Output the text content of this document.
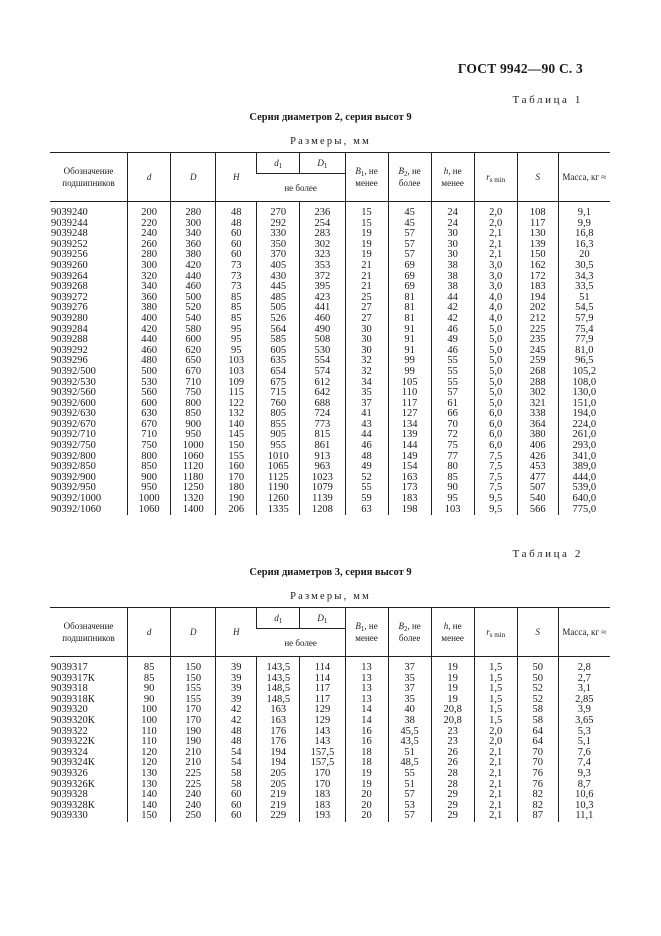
ГОСТ 9942—90 С. 3
Таблица 1
Серия диаметров 2, серия высот 9
Размеры, мм
Обозначение подшипников	d	D	H	$d_1$	$D_1$	$B_1$, не менее	$B_2$, не более	h, не менее	$r_{s min}$	S	Масса, кг ≈
				не более							

9039240	200	280	48	270	236	15	45	24	2,0	108	9,1
9039244	220	300	48	292	254	15	45	24	2,0	117	9,9
9039248	240	340	60	330	283	19	57	30	2,1	130	16,8
9039252	260	360	60	350	302	19	57	30	2,1	139	16,3
9039256	280	380	60	370	323	19	57	30	2,1	150	20
9039260	300	420	73	405	353	21	69	38	3,0	162	30,5
9039264	320	440	73	430	372	21	69	38	3,0	172	34,3
9039268	340	460	73	445	395	21	69	38	3,0	183	33,5
9039272	360	500	85	485	423	25	81	44	4,0	194	51
9039276	380	520	85	505	441	27	81	42	4,0	202	54,5
9039280	400	540	85	526	460	27	81	42	4,0	212	57,9
9039284	420	580	95	564	490	30	91	46	5,0	225	75,4
9039288	440	600	95	585	508	30	91	49	5,0	235	77,9
9039292	460	620	95	605	530	30	91	46	5,0	245	81,0
9039296	480	650	103	635	554	32	99	55	5,0	259	96,5
90392/500	500	670	103	654	574	32	99	55	5,0	268	105,2
90392/530	530	710	109	675	612	34	105	55	5,0	288	108,0
90392/560	560	750	115	715	642	35	110	57	5,0	302	130,0
90392/600	600	800	122	760	688	37	117	61	5,0	321	151,0
90392/630	630	850	132	805	724	41	127	66	6,0	338	194,0
90392/670	670	900	140	855	773	43	134	70	6,0	364	224,0
90392/710	710	950	145	905	815	44	139	72	6,0	380	261,0
90392/750	750	1000	150	955	861	46	144	75	6,0	406	293,0
90392/800	800	1060	155	1010	913	48	149	77	7,5	426	341,0
90392/850	850	1120	160	1065	963	49	154	80	7,5	453	389,0
90392/900	900	1180	170	1125	1023	52	163	85	7,5	477	444,0
90392/950	950	1250	180	1190	1079	55	173	90	7,5	507	539,0
90392/1000	1000	1320	190	1260	1139	59	183	95	9,5	540	640,0
90392/1060	1060	1400	206	1335	1208	63	198	103	9,5	566	775,0
Таблица 2
Серия диаметров 3, серия высот 9
Размеры, мм
Обозначение подшипников	d	D	H	$d_1$	$D_1$	$B_1$, не менее	$B_2$, не более	h, не менее	$r_{s min}$	S	Масса, кг ≈
				не более							

9039317	85	150	39	143,5	114	13	37	19	1,5	50	2,8
9039317К	85	150	39	143,5	114	13	35	19	1,5	50	2,7
9039318	90	155	39	148,5	117	13	37	19	1,5	52	3,1
9039318К	90	155	39	148,5	117	13	35	19	1,5	52	2,85
9039320	100	170	42	163	129	14	40	20,8	1,5	58	3,9
9039320К	100	170	42	163	129	14	38	20,8	1,5	58	3,65
9039322	110	190	48	176	143	16	45,5	23	2,0	64	5,3
9039322К	110	190	48	176	143	16	43,5	23	2,0	64	5,1
9039324	120	210	54	194	157,5	18	51	26	2,1	70	7,6
9039324К	120	210	54	194	157,5	18	48,5	26	2,1	70	7,4
9039326	130	225	58	205	170	19	55	28	2,1	76	9,3
9039326К	130	225	58	205	170	19	51	28	2,1	76	8,7
9039328	140	240	60	219	183	20	57	29	2,1	82	10,6
9039328К	140	240	60	219	183	20	53	29	2,1	82	10,3
9039330	150	250	60	229	193	20	57	29	2,1	87	11,1
